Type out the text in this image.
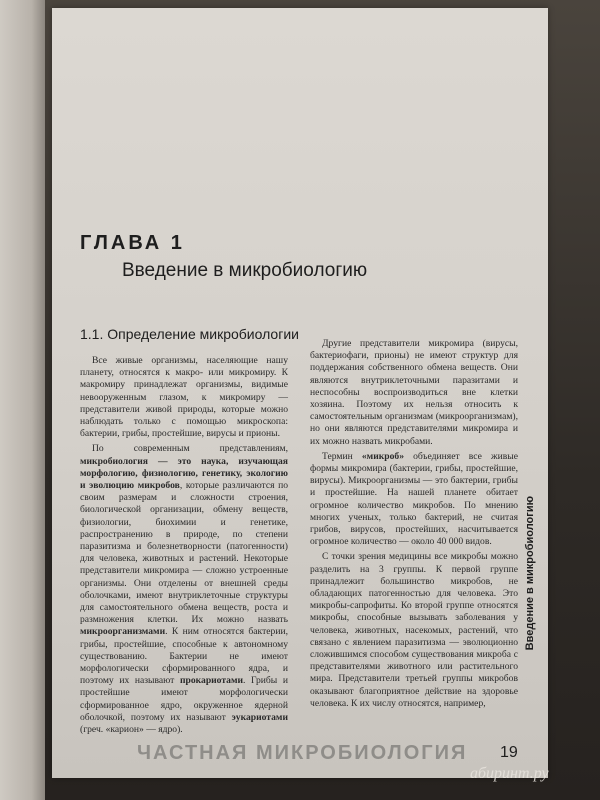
ГЛАВА 1
Введение в микробиологию
1.1. Определение микробиологии

Все живые организмы, населяющие нашу планету, относятся к макро- или микромиру. К макромиру принадлежат организмы, видимые невооруженным глазом, к микромиру — представители живой природы, которые можно наблюдать только с помощью микроскопа: бактерии, грибы, простейшие, вирусы и прионы.

По современным представлениям, микробиология — это наука, изучающая морфологию, физиологию, генетику, экологию и эволюцию микробов, которые различаются по своим размерам и сложности строения, биологической организации, обмену веществ, физиологии, биохимии и генетике, распространению в природе, по степени паразитизма и болезнетворности (патогенности) для человека, животных и растений. Некоторые представители микромира — сложно устроенные организмы. Они отделены от внешней среды оболочками, имеют внутриклеточные структуры для самостоятельного обмена веществ, роста и размножения клетки. Их можно назвать микроорганизмами. К ним относятся бактерии, грибы, простейшие, способные к автономному существованию. Бактерии не имеют морфологически сформированного ядра, и поэтому их называют прокариотами. Грибы и простейшие имеют морфологически сформированное ядро, окруженное ядерной оболочкой, поэтому их называют эукариотами (греч. «карион» — ядро).

Другие представители микромира (вирусы, бактериофаги, прионы) не имеют структур для поддержания собственного обмена веществ. Они являются внутриклеточными паразитами и неспособны воспроизводиться вне клетки хозяина. Поэтому их нельзя относить к самостоятельным организмам (микроорганизмам), но они являются представителями микромира и их можно назвать микробами.

Термин «микроб» объединяет все живые формы микромира (бактерии, грибы, простейшие, вирусы). Микроорганизмы — это бактерии, грибы и простейшие. На нашей планете обитает огромное количество микробов. По мнению многих ученых, только бактерий, не считая грибов, вирусов, простейших, насчитывается огромное количество — около 40 000 видов.

С точки зрения медицины все микробы можно разделить на 3 группы. К первой группе принадлежит большинство микробов, не обладающих патогенностью для человека. Это микробы-сапрофиты. Ко второй группе относятся микробы, способные вызывать заболевания у человека, животных, насекомых, растений, что связано с явлением паразитизма — эволюционно сложившимся способом существования микроба с представителями животного или растительного мира. Представители третьей группы микробов оказывают благоприятное действие на здоровье человека. К их числу относятся, например,

Введение в микробиологию
ЧАСТНАЯ МИКРОБИОЛОГИЯ 19
абиринт.ру
